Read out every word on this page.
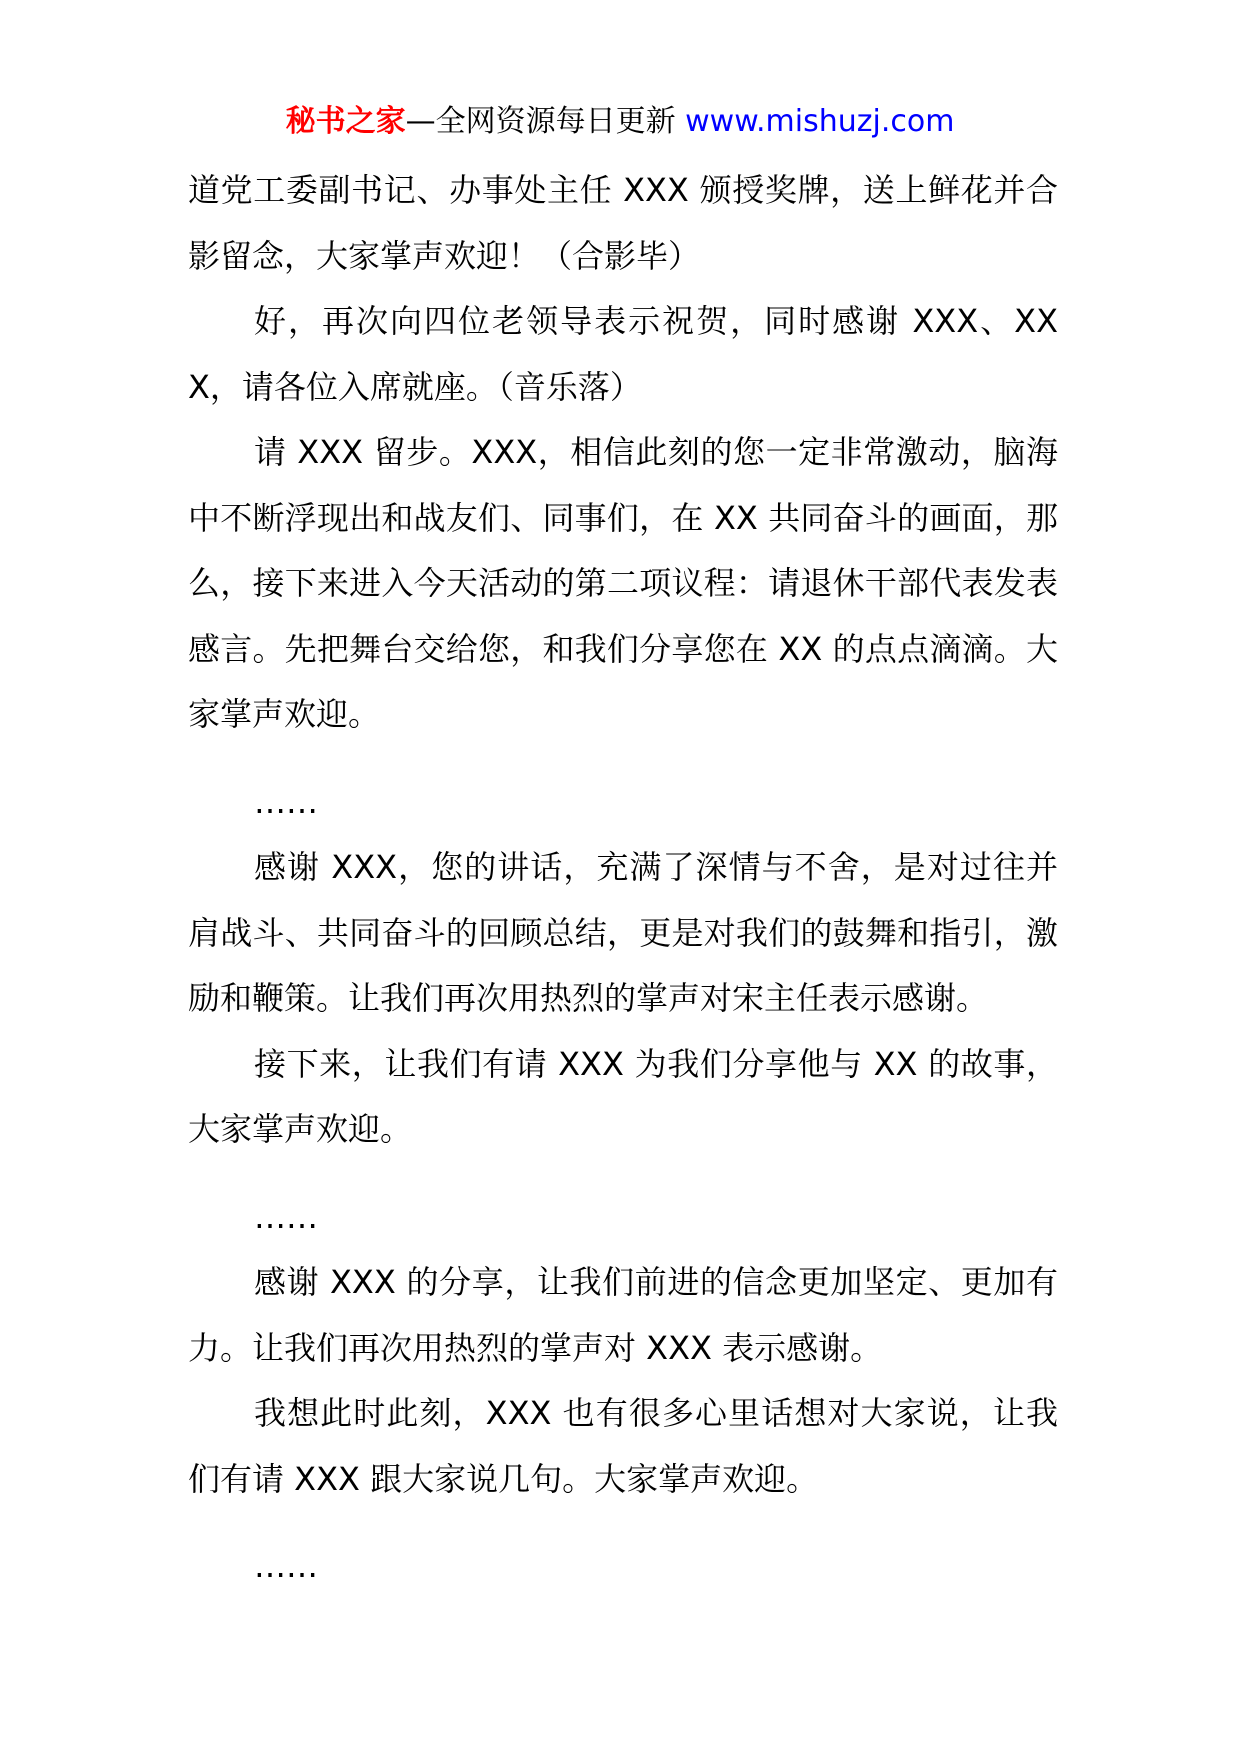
秘书之家—全网资源每日更新 www.mishuzj.com

道党工委副书记、办事处主任 XXX 颁授奖牌，送上鲜花并合影留念，大家掌声欢迎！（合影毕）

好，再次向四位老领导表示祝贺，同时感谢 XXX、XXX，请各位入席就座。（音乐落）

请 XXX 留步。XXX，相信此刻的您一定非常激动，脑海中不断浮现出和战友们、同事们，在 XX 共同奋斗的画面，那么，接下来进入今天活动的第二项议程：请退休干部代表发表感言。先把舞台交给您，和我们分享您在 XX 的点点滴滴。大家掌声欢迎。

……

感谢 XXX，您的讲话，充满了深情与不舍，是对过往并肩战斗、共同奋斗的回顾总结，更是对我们的鼓舞和指引，激励和鞭策。让我们再次用热烈的掌声对宋主任表示感谢。

接下来，让我们有请 XXX 为我们分享他与 XX 的故事，大家掌声欢迎。

……

感谢 XXX 的分享，让我们前进的信念更加坚定、更加有力。让我们再次用热烈的掌声对 XXX 表示感谢。

我想此时此刻，XXX 也有很多心里话想对大家说，让我们有请 XXX 跟大家说几句。大家掌声欢迎。

……
